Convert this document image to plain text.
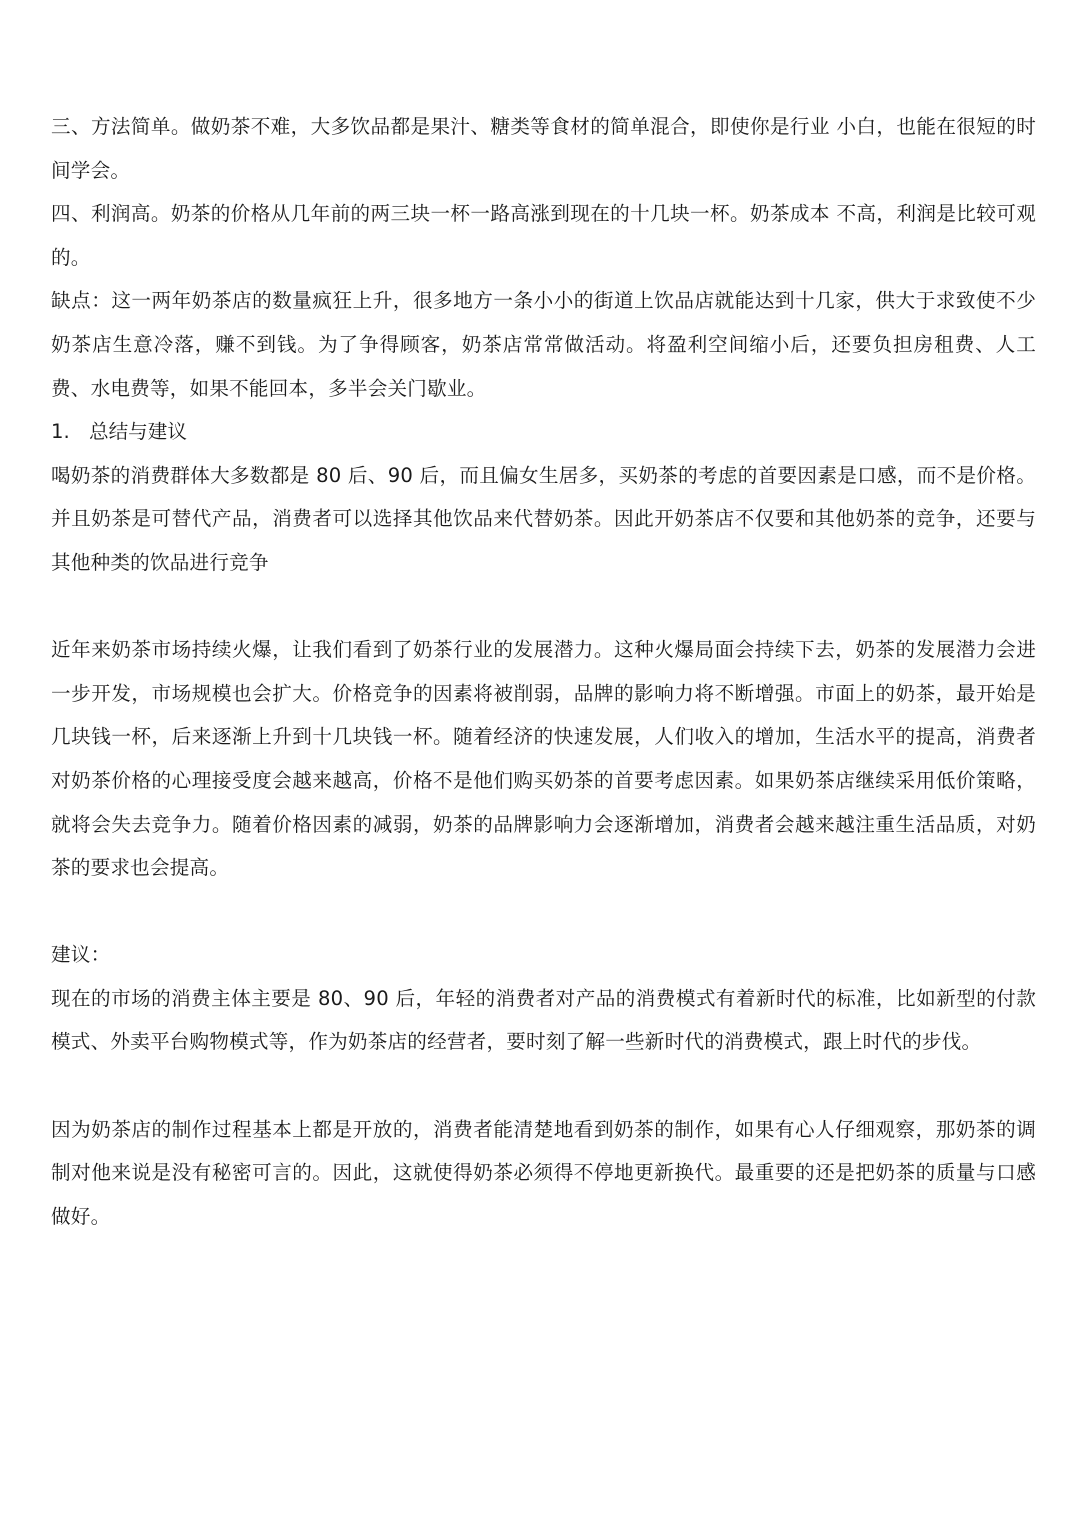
三、方法简单。做奶茶不难，大多饮品都是果汁、糖类等食材的简单混合，即使你是行业 小白，也能在很短的时间学会。

四、利润高。奶茶的价格从几年前的两三块一杯一路高涨到现在的十几块一杯。奶茶成本 不高，利润是比较可观的。

缺点：这一两年奶茶店的数量疯狂上升，很多地方一条小小的街道上饮品店就能达到十几家，供大于求致使不少奶茶店生意冷落，赚不到钱。为了争得顾客，奶茶店常常做活动。将盈利空间缩小后，还要负担房租费、人工费、水电费等，如果不能回本，多半会关门歇业。

1. 总结与建议

喝奶茶的消费群体大多数都是 80 后、90 后，而且偏女生居多，买奶茶的考虑的首要因素是口感，而不是价格。并且奶茶是可替代产品，消费者可以选择其他饮品来代替奶茶。因此开奶茶店不仅要和其他奶茶的竞争，还要与其他种类的饮品进行竞争

近年来奶茶市场持续火爆，让我们看到了奶茶行业的发展潜力。这种火爆局面会持续下去，奶茶的发展潜力会进一步开发，市场规模也会扩大。价格竞争的因素将被削弱，品牌的影响力将不断增强。市面上的奶茶，最开始是几块钱一杯，后来逐渐上升到十几块钱一杯。随着经济的快速发展，人们收入的增加，生活水平的提高，消费者对奶茶价格的心理接受度会越来越高，价格不是他们购买奶茶的首要考虑因素。如果奶茶店继续采用低价策略，就将会失去竞争力。随着价格因素的减弱，奶茶的品牌影响力会逐渐增加，消费者会越来越注重生活品质，对奶茶的要求也会提高。

建议：

现在的市场的消费主体主要是 80、90 后，年轻的消费者对产品的消费模式有着新时代的标准，比如新型的付款模式、外卖平台购物模式等，作为奶茶店的经营者，要时刻了解一些新时代的消费模式，跟上时代的步伐。

因为奶茶店的制作过程基本上都是开放的，消费者能清楚地看到奶茶的制作，如果有心人仔细观察，那奶茶的调制对他来说是没有秘密可言的。因此，这就使得奶茶必须得不停地更新换代。最重要的还是把奶茶的质量与口感做好。
